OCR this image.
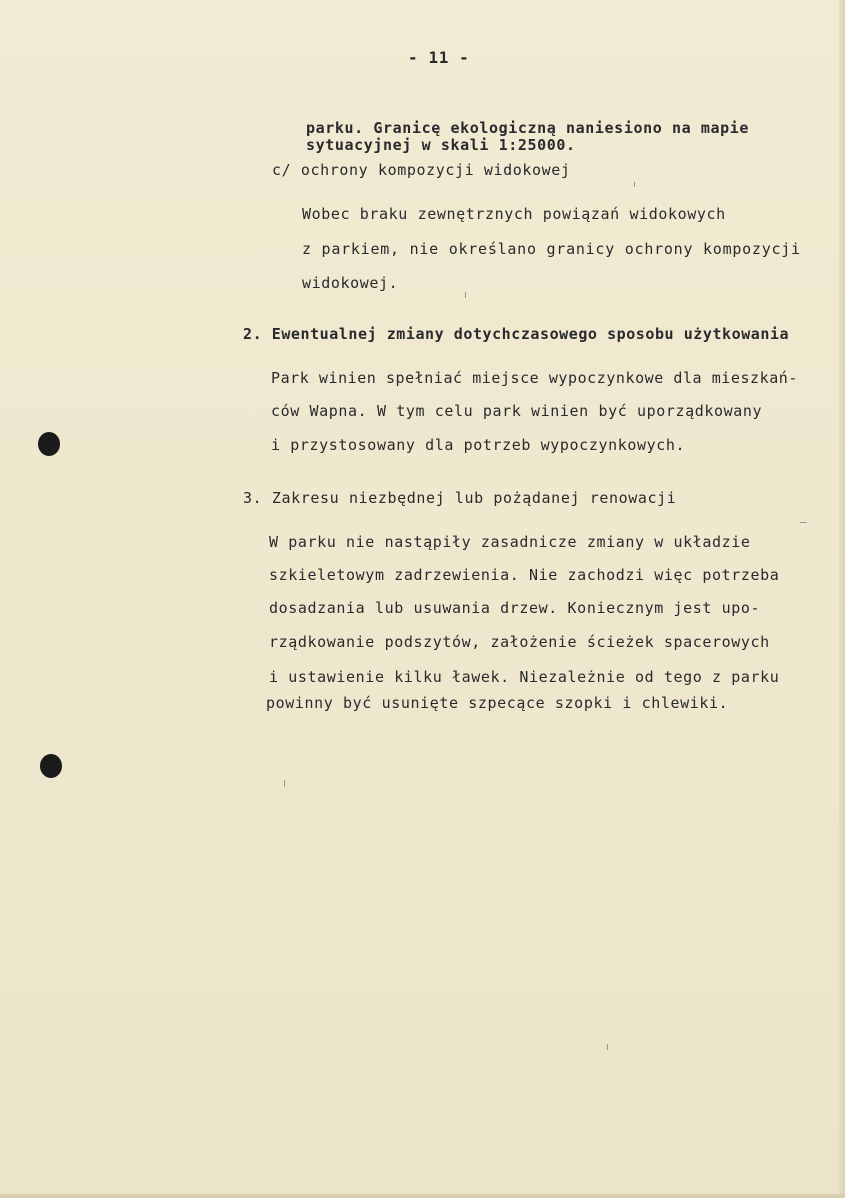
- 11 -
parku. Granicę ekologiczną naniesiono na mapie
sytuacyjnej w skali 1:25000.
c/ ochrony kompozycji widokowej
Wobec braku zewnętrznych powiązań widokowych
z parkiem, nie określano granicy ochrony kompozycji
widokowej.
2. Ewentualnej zmiany dotychczasowego sposobu użytkowania
Park winien spełniać miejsce wypoczynkowe dla mieszkań-
ców Wapna. W tym celu park winien być uporządkowany
i przystosowany dla potrzeb wypoczynkowych.
3. Zakresu niezbędnej lub pożądanej renowacji
W parku nie nastąpiły zasadnicze zmiany w układzie
szkieletowym zadrzewienia. Nie zachodzi więc potrzeba
dosadzania lub usuwania drzew. Koniecznym jest upo-
rządkowanie podszytów, założenie ścieżek spacerowych
i ustawienie kilku ławek. Niezależnie od tego z parku
powinny być usunięte szpecące szopki i chlewiki.
